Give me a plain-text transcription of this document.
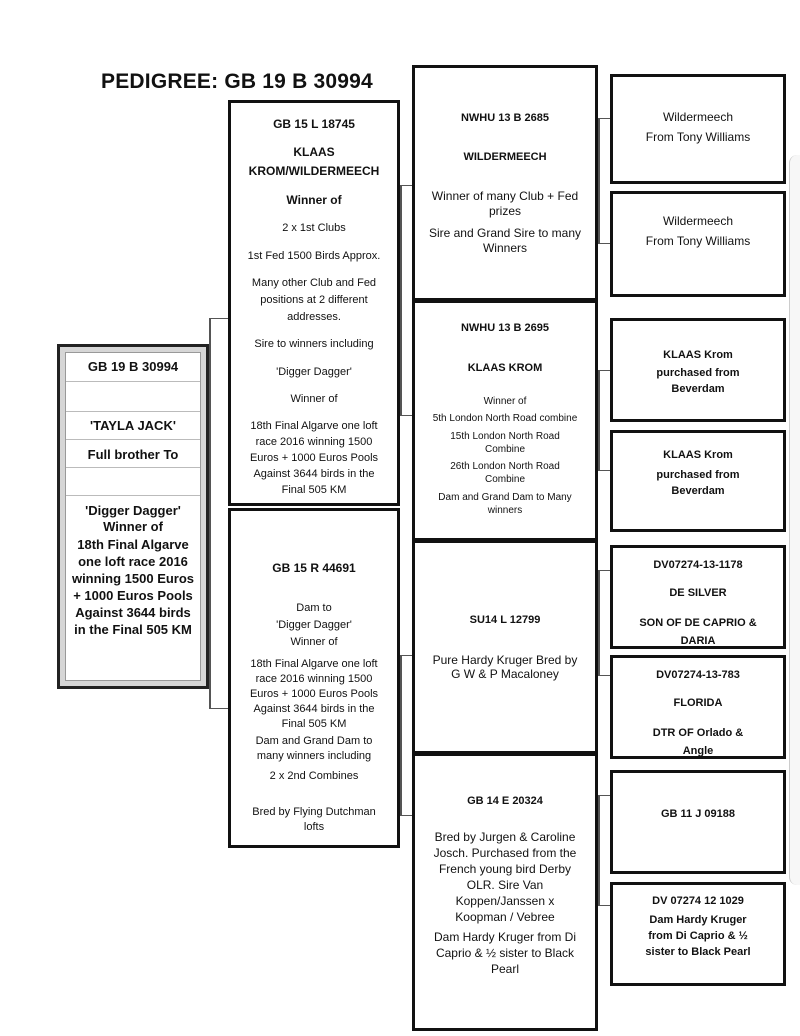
PEDIGREE: GB 19 B 30994
GB 19 B 30994
'TAYLA JACK'
Full brother To
'Digger Dagger'
Winner of
18th Final Algarve
one loft race 2016
winning 1500 Euros
+ 1000 Euros Pools
Against 3644 birds
in the Final 505 KM
GB 15 L 18745
KLAAS
KROM/WILDERMEECH
Winner of
2 x 1st Clubs
1st Fed 1500 Birds Approx.
Many other Club and Fed
positions at 2 different
addresses.
Sire to winners including
'Digger Dagger'
Winner of
18th Final Algarve one loft
race 2016 winning 1500
Euros + 1000 Euros Pools
Against 3644 birds in the
Final 505 KM
GB 15 R 44691
Dam to
'Digger Dagger'
Winner of
18th Final Algarve one loft
race 2016 winning 1500
Euros + 1000 Euros Pools
Against 3644 birds in the
Final 505 KM
Dam and Grand Dam to
many winners including
2 x 2nd Combines
Bred by Flying Dutchman
lofts
NWHU 13 B 2685
WILDERMEECH
Winner of many Club + Fed
prizes
Sire and Grand Sire to many
Winners
NWHU 13 B 2695
KLAAS KROM
Winner of
5th London North Road combine
15th London North Road
Combine
26th London North Road
Combine
Dam and Grand Dam to Many
winners
SU14 L 12799
Pure Hardy Kruger Bred by
G W & P Macaloney
GB 14 E 20324
Bred by Jurgen & Caroline
Josch. Purchased from the
French young bird Derby
OLR. Sire Van
Koppen/Janssen x
Koopman / Vebree
Dam Hardy Kruger from Di
Caprio & ½ sister to Black
Pearl
Wildermeech
From Tony Williams
Wildermeech
From Tony Williams
KLAAS Krom
purchased from
Beverdam
KLAAS Krom
purchased from
Beverdam
DV07274-13-1178
DE SILVER
SON OF DE CAPRIO &
DARIA
DV07274-13-783
FLORIDA
DTR OF Orlado &
Angle
GB 11 J 09188
DV 07274 12 1029
Dam Hardy Kruger
from Di Caprio & ½
sister to Black Pearl
